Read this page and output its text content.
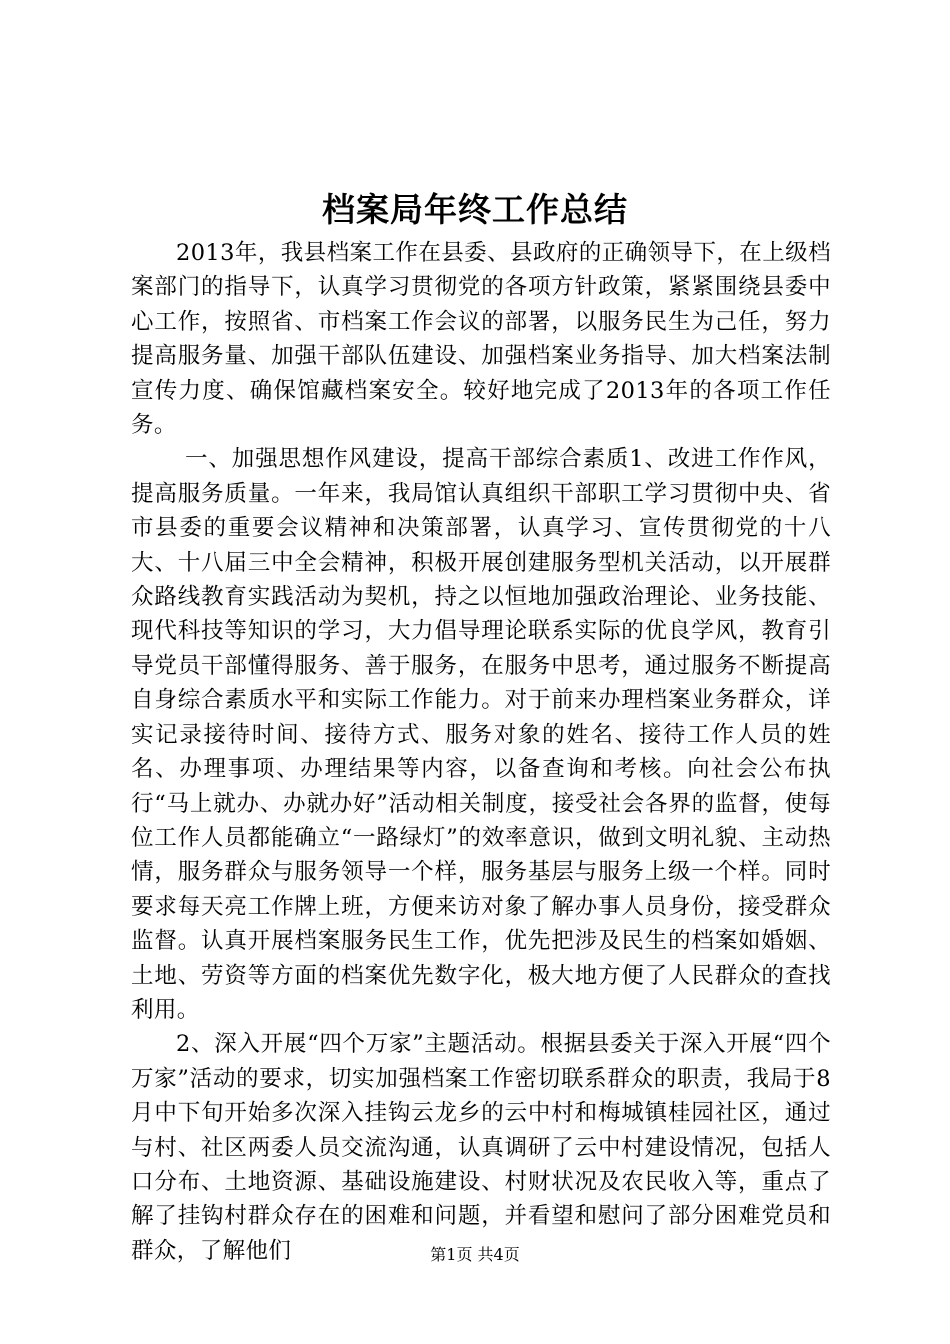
档案局年终工作总结

2013年，我县档案工作在县委、县政府的正确领导下，在上级档案部门的指导下，认真学习贯彻党的各项方针政策，紧紧围绕县委中心工作，按照省、市档案工作会议的部署，以服务民生为己任，努力提高服务量、加强干部队伍建设、加强档案业务指导、加大档案法制宣传力度、确保馆藏档案安全。较好地完成了2013年的各项工作任务。

一、加强思想作风建设，提高干部综合素质1、改进工作作风，提高服务质量。一年来，我局馆认真组织干部职工学习贯彻中央、省市县委的重要会议精神和决策部署，认真学习、宣传贯彻党的十八大、十八届三中全会精神，积极开展创建服务型机关活动，以开展群众路线教育实践活动为契机，持之以恒地加强政治理论、业务技能、现代科技等知识的学习，大力倡导理论联系实际的优良学风，教育引导党员干部懂得服务、善于服务，在服务中思考，通过服务不断提高自身综合素质水平和实际工作能力。对于前来办理档案业务群众，详实记录接待时间、接待方式、服务对象的姓名、接待工作人员的姓名、办理事项、办理结果等内容，以备查询和考核。向社会公布执行“马上就办、办就办好”活动相关制度，接受社会各界的监督，使每位工作人员都能确立“一路绿灯”的效率意识，做到文明礼貌、主动热情，服务群众与服务领导一个样，服务基层与服务上级一个样。同时要求每天亮工作牌上班，方便来访对象了解办事人员身份，接受群众监督。认真开展档案服务民生工作，优先把涉及民生的档案如婚姻、土地、劳资等方面的档案优先数字化，极大地方便了人民群众的查找利用。

2、深入开展“四个万家”主题活动。根据县委关于深入开展“四个万家”活动的要求，切实加强档案工作密切联系群众的职责，我局于8月中下旬开始多次深入挂钩云龙乡的云中村和梅城镇桂园社区，通过与村、社区两委人员交流沟通，认真调研了云中村建设情况，包括人口分布、土地资源、基础设施建设、村财状况及农民收入等，重点了解了挂钩村群众存在的困难和问题，并看望和慰问了部分困难党员和群众，了解他们	第1页 共4页
